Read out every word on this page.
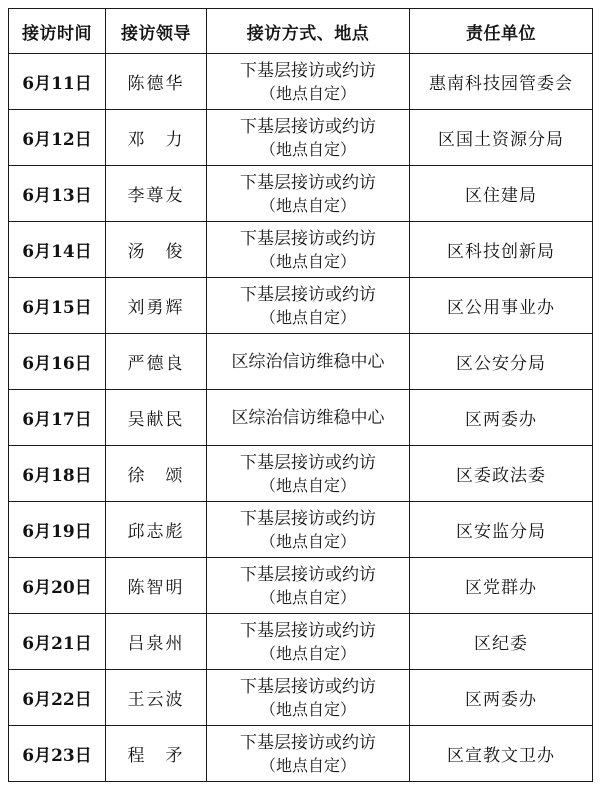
接访时间	接访领导	接访方式、地点	责任单位
6月11日	陈德华	下基层接访或约访
（地点自定）	惠南科技园管委会
6月12日	邓　力	下基层接访或约访
（地点自定）	区国土资源分局
6月13日	李尊友	下基层接访或约访
（地点自定）	区住建局
6月14日	汤　俊	下基层接访或约访
（地点自定）	区科技创新局
6月15日	刘勇辉	下基层接访或约访
（地点自定）	区公用事业办
6月16日	严德良	区综治信访维稳中心	区公安分局
6月17日	吴献民	区综治信访维稳中心	区两委办
6月18日	徐　颂	下基层接访或约访
（地点自定）	区委政法委
6月19日	邱志彪	下基层接访或约访
（地点自定）	区安监分局
6月20日	陈智明	下基层接访或约访
（地点自定）	区党群办
6月21日	吕泉州	下基层接访或约访
（地点自定）	区纪委
6月22日	王云波	下基层接访或约访
（地点自定）	区两委办
6月23日	程　矛	下基层接访或约访
（地点自定）	区宣教文卫办
